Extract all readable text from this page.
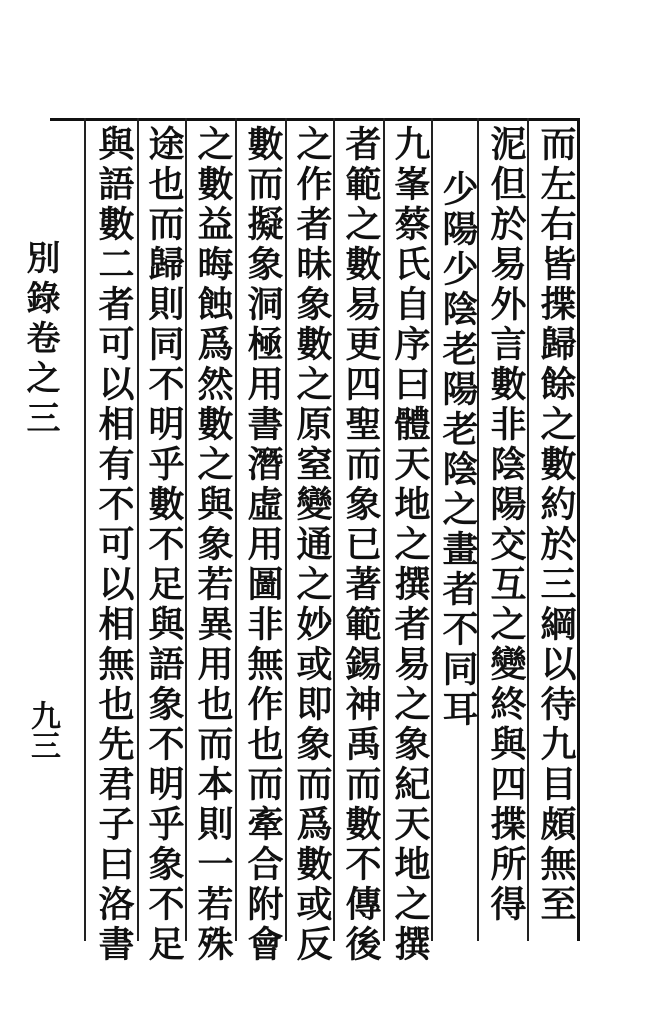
而左右皆揲歸餘之數約於三綱以待九目頗無至
泥但於易外言數非陰陽交互之變終與四揲所得
少陽少陰老陽老陰之畫者不同耳
九峯蔡氏自序曰體天地之撰者易之象紀天地之撰
者範之數易更四聖而象已著範錫神禹而數不傳後
之作者昧象數之原窒變通之妙或即象而爲數或反
數而擬象洞極用書潛虛用圖非無作也而牽合附會
之數益晦蝕爲然數之與象若異用也而本則一若殊
途也而歸則同不明乎數不足與語象不明乎象不足
與語數二者可以相有不可以相無也先君子曰洛書
別錄卷之三
九三
